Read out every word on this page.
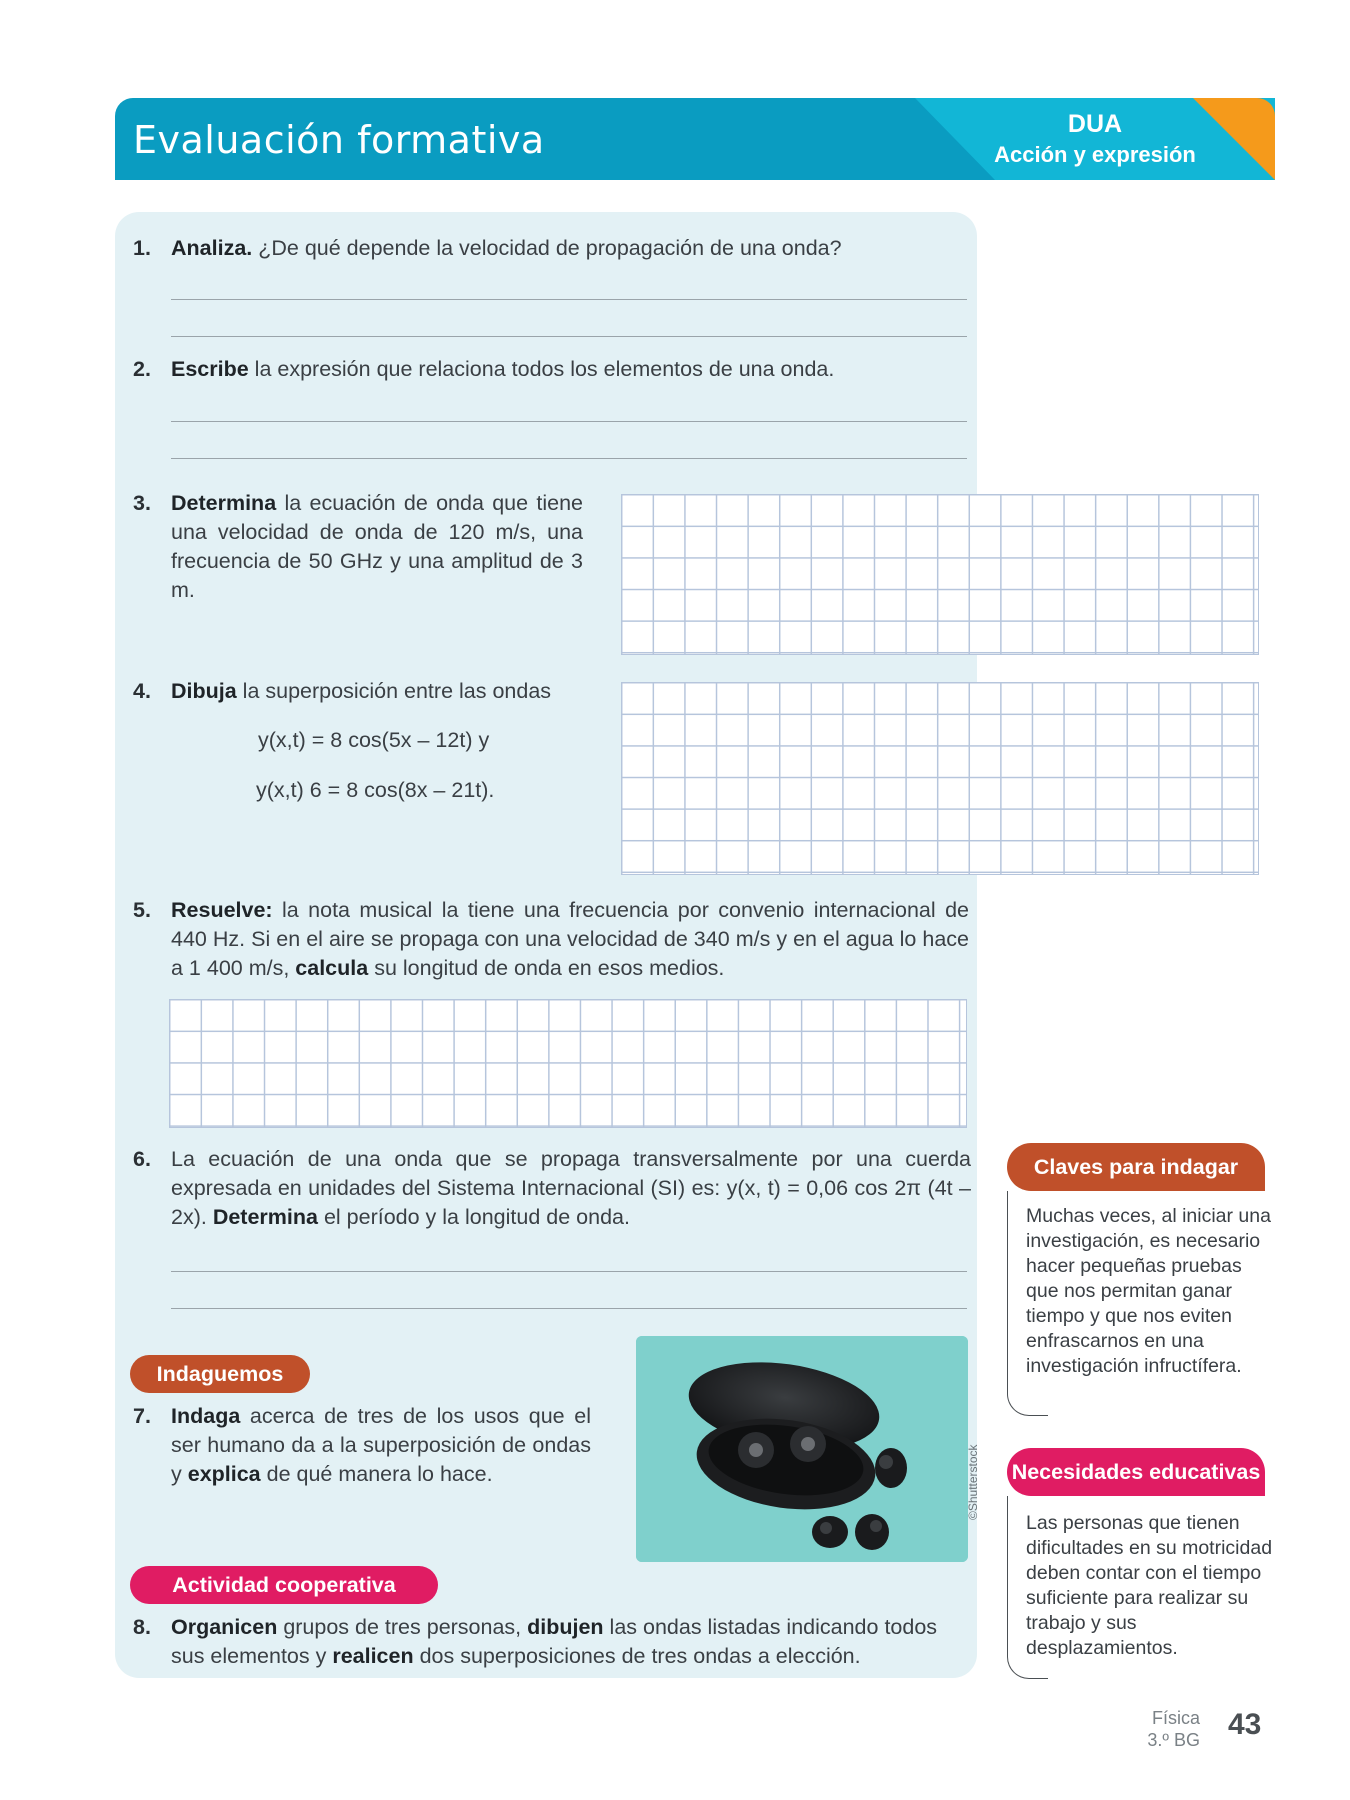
Evaluación formativa	DUA
Acción y expresión
1. Analiza. ¿De qué depende la velocidad de propagación de una onda?
2. Escribe la expresión que relaciona todos los elementos de una onda.
3. Determina la ecuación de onda que tiene una velocidad de onda de 120 m/s, una frecuencia de 50 GHz y una amplitud de 3 m.
4. Dibuja la superposición entre las ondas
y(x,t) = 8 cos(5x – 12t) y
y(x,t) 6 = 8 cos(8x – 21t).
5. Resuelve: la nota musical la tiene una frecuencia por convenio internacional de 440 Hz. Si en el aire se propaga con una velocidad de 340 m/s y en el agua lo hace a 1 400 m/s, calcula su longitud de onda en esos medios.
6. La ecuación de una onda que se propaga transversalmente por una cuerda expresada en unidades del Sistema Internacional (SI) es: y(x, t) = 0,06 cos 2π (4t – 2x). Determina el período y la longitud de onda.
Indaguemos
7. Indaga acerca de tres de los usos que el ser humano da a la superposición de ondas y explica de qué manera lo hace.
Actividad cooperativa
8. Organicen grupos de tres personas, dibujen las ondas listadas indicando todos sus elementos y realicen dos superposiciones de tres ondas a elección.
©Shutterstock
Claves para indagar
Muchas veces, al iniciar una investigación, es necesario hacer pequeñas pruebas que nos permitan ganar tiempo y que nos eviten enfrascarnos en una investigación infructífera.
Necesidades educativas
Las personas que tienen dificultades en su motricidad deben contar con el tiempo suficiente para realizar su trabajo y sus desplazamientos.
Física
3.º BG 43
